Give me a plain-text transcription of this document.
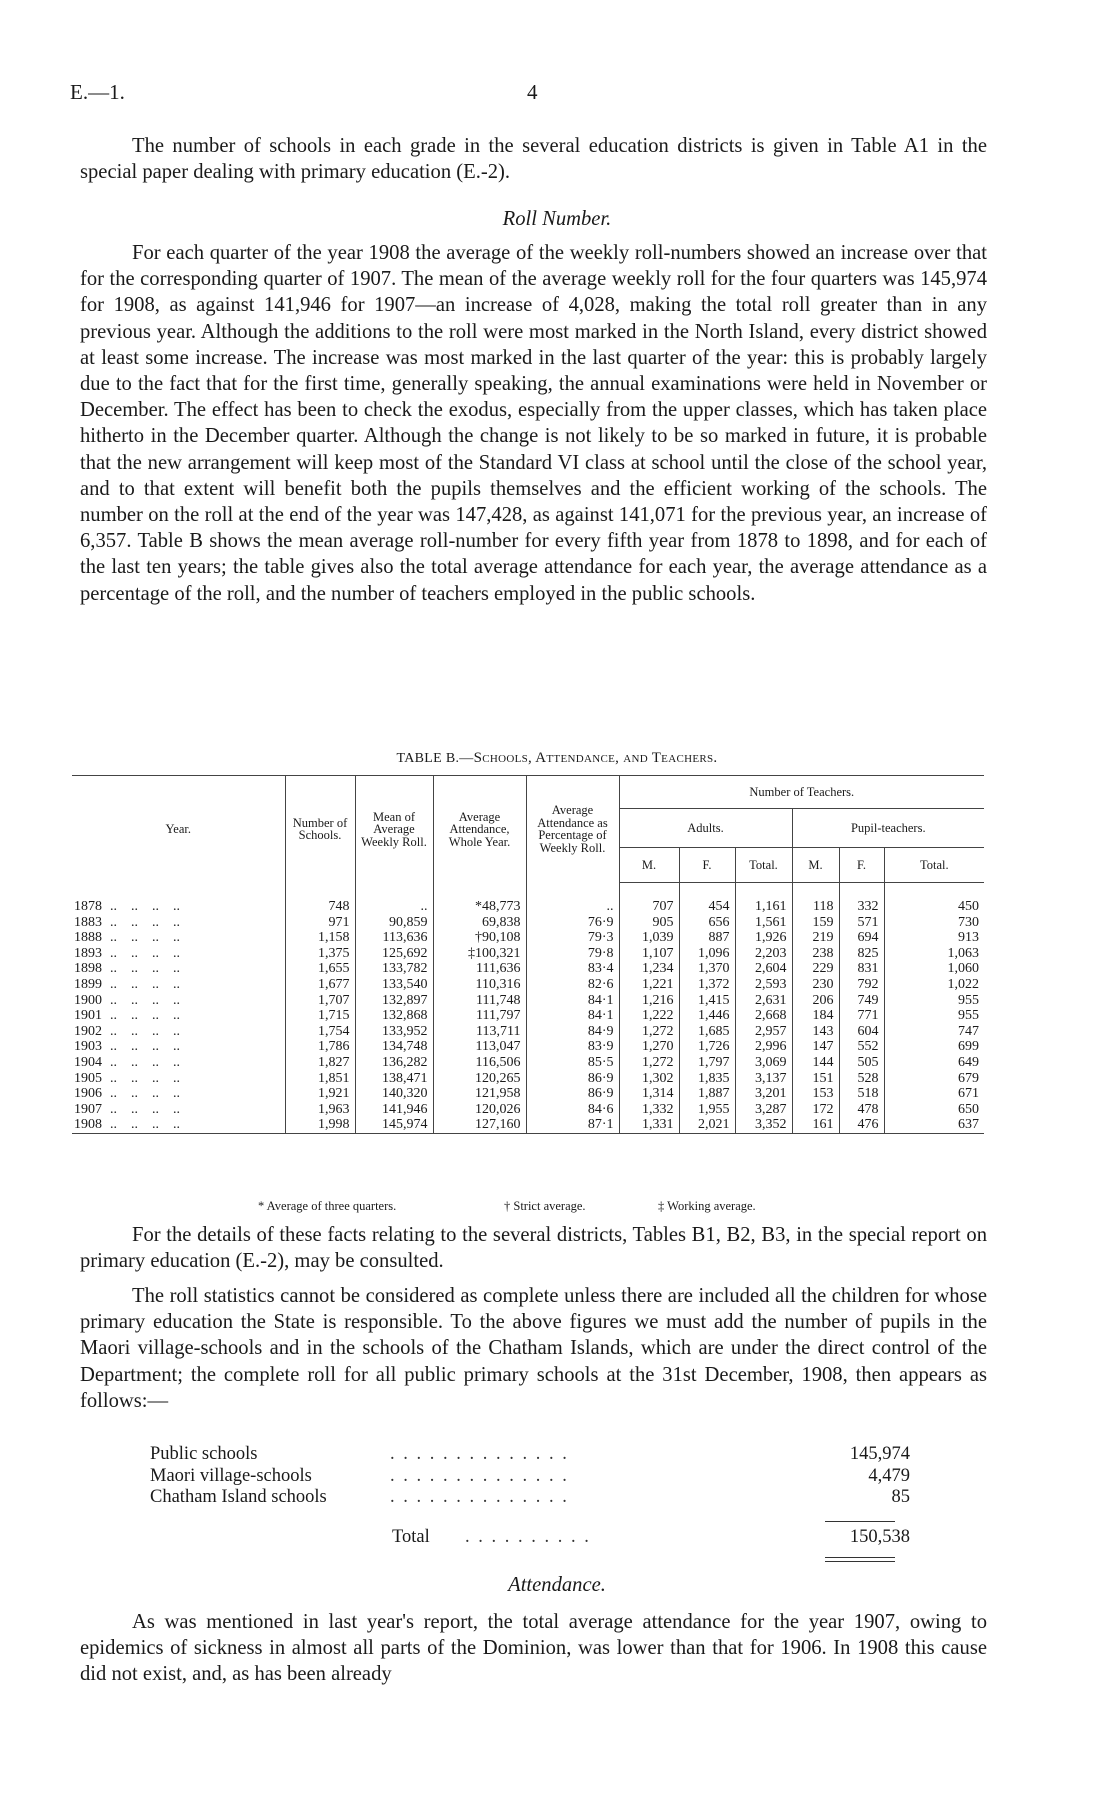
E.—1.	4

The number of schools in each grade in the several education districts is given in Table A1 in the special paper dealing with primary education (E.-2).

Roll Number.

For each quarter of the year 1908 the average of the weekly roll-numbers showed an increase over that for the corresponding quarter of 1907. The mean of the average weekly roll for the four quarters was 145,974 for 1908, as against 141,946 for 1907—an increase of 4,028, making the total roll greater than in any previous year. Although the additions to the roll were most marked in the North Island, every district showed at least some increase. The increase was most marked in the last quarter of the year: this is probably largely due to the fact that for the first time, generally speaking, the annual examinations were held in November or December. The effect has been to check the exodus, especially from the upper classes, which has taken place hitherto in the December quarter. Although the change is not likely to be so marked in future, it is probable that the new arrangement will keep most of the Standard VI class at school until the close of the school year, and to that extent will benefit both the pupils themselves and the efficient working of the schools. The number on the roll at the end of the year was 147,428, as against 141,071 for the previous year, an increase of 6,357. Table B shows the mean average roll-number for every fifth year from 1878 to 1898, and for each of the last ten years; the table gives also the total average attendance for each year, the average attendance as a percentage of the roll, and the number of teachers employed in the public schools.

TABLE B.—Schools, Attendance, and Teachers.
Year.	Number of Schools.	Mean of Average Weekly Roll.	Average Attendance, Whole Year.	Average Attendance as Percentage of Weekly Roll.	Number of Teachers.					
					Adults.			Pupil-teachers.		
					M.	F.	Total.	M.	F.	Total.

1878 ..    ..    ..    ..	748	..	*48,773	..	707	454	1,161	118	332	450
1883 ..    ..    ..    ..	971	90,859	69,838	76·9	905	656	1,561	159	571	730
1888 ..    ..    ..    ..	1,158	113,636	†90,108	79·3	1,039	887	1,926	219	694	913
1893 ..    ..    ..    ..	1,375	125,692	‡100,321	79·8	1,107	1,096	2,203	238	825	1,063
1898 ..    ..    ..    ..	1,655	133,782	111,636	83·4	1,234	1,370	2,604	229	831	1,060
1899 ..    ..    ..    ..	1,677	133,540	110,316	82·6	1,221	1,372	2,593	230	792	1,022
1900 ..    ..    ..    ..	1,707	132,897	111,748	84·1	1,216	1,415	2,631	206	749	955
1901 ..    ..    ..    ..	1,715	132,868	111,797	84·1	1,222	1,446	2,668	184	771	955
1902 ..    ..    ..    ..	1,754	133,952	113,711	84·9	1,272	1,685	2,957	143	604	747
1903 ..    ..    ..    ..	1,786	134,748	113,047	83·9	1,270	1,726	2,996	147	552	699
1904 ..    ..    ..    ..	1,827	136,282	116,506	85·5	1,272	1,797	3,069	144	505	649
1905 ..    ..    ..    ..	1,851	138,471	120,265	86·9	1,302	1,835	3,137	151	528	679
1906 ..    ..    ..    ..	1,921	140,320	121,958	86·9	1,314	1,887	3,201	153	518	671
1907 ..    ..    ..    ..	1,963	141,946	120,026	84·6	1,332	1,955	3,287	172	478	650
1908 ..    ..    ..    ..	1,998	145,974	127,160	87·1	1,331	2,021	3,352	161	476	637
* Average of three quarters.	† Strict average.	‡ Working average.

For the details of these facts relating to the several districts, Tables B1, B2, B3, in the special report on primary education (E.-2), may be consulted.

The roll statistics cannot be considered as complete unless there are included all the children for whose primary education the State is responsible. To the above figures we must add the number of pupils in the Maori village-schools and in the schools of the Chatham Islands, which are under the direct control of the Department; the complete roll for all public primary schools at the 31st December, 1908, then appears as follows:—

Public schools	. . . . . . . . . . . . . .	145,974
Maori village-schools	. . . . . . . . . . . . . .	4,479
Chatham Island schools	. . . . . . . . . . . . . .	85
Total . . . . . . . . . .	150,538
Attendance.

As was mentioned in last year's report, the total average attendance for the year 1907, owing to epidemics of sickness in almost all parts of the Dominion, was lower than that for 1906. In 1908 this cause did not exist, and, as has been already
